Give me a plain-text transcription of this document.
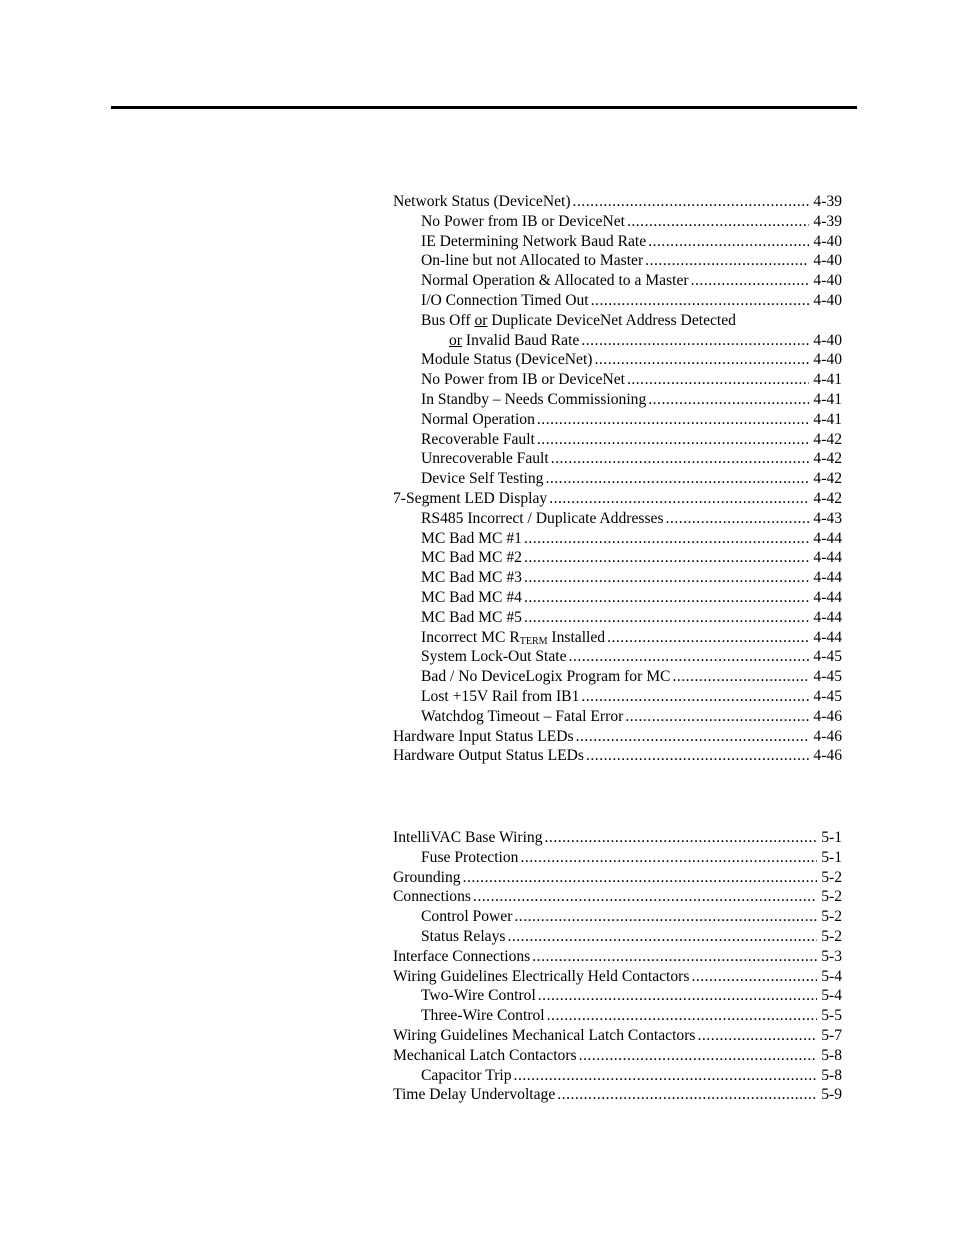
Network Status (DeviceNet) .....	4-39
No Power from IB or DeviceNet .....	4-39
IE Determining Network Baud Rate .....	4-40
On-line but not Allocated to Master .....	4-40
Normal Operation & Allocated to a Master .....	4-40
I/O Connection Timed Out .....	4-40
Bus Off or Duplicate DeviceNet Address Detected
or Invalid Baud Rate .....	4-40
Module Status (DeviceNet) .....	4-40
No Power from IB or DeviceNet .....	4-41
In Standby – Needs Commissioning .....	4-41
Normal Operation .....	4-41
Recoverable Fault .....	4-42
Unrecoverable Fault .....	4-42
Device Self Testing .....	4-42
7-Segment LED Display .....	4-42
RS485 Incorrect / Duplicate Addresses .....	4-43
MC Bad MC #1 .....	4-44
MC Bad MC #2 .....	4-44
MC Bad MC #3 .....	4-44
MC Bad MC #4 .....	4-44
MC Bad MC #5 .....	4-44
Incorrect MC $R_{TERM}$ Installed .....	4-44
System Lock-Out State .....	4-45
Bad / No DeviceLogix Program for MC .....	4-45
Lost +15V Rail from IB1 .....	4-45
Watchdog Timeout – Fatal Error .....	4-46
Hardware Input Status LEDs .....	4-46
Hardware Output Status LEDs .....	4-46
IntelliVAC Base Wiring .....	5-1
Fuse Protection .....	5-1
Grounding .....	5-2
Connections .....	5-2
Control Power .....	5-2
Status Relays .....	5-2
Interface Connections .....	5-3
Wiring Guidelines Electrically Held Contactors .....	5-4
Two-Wire Control .....	5-4
Three-Wire Control .....	5-5
Wiring Guidelines Mechanical Latch Contactors .....	5-7
Mechanical Latch Contactors .....	5-8
Capacitor Trip .....	5-8
Time Delay Undervoltage .....	5-9
